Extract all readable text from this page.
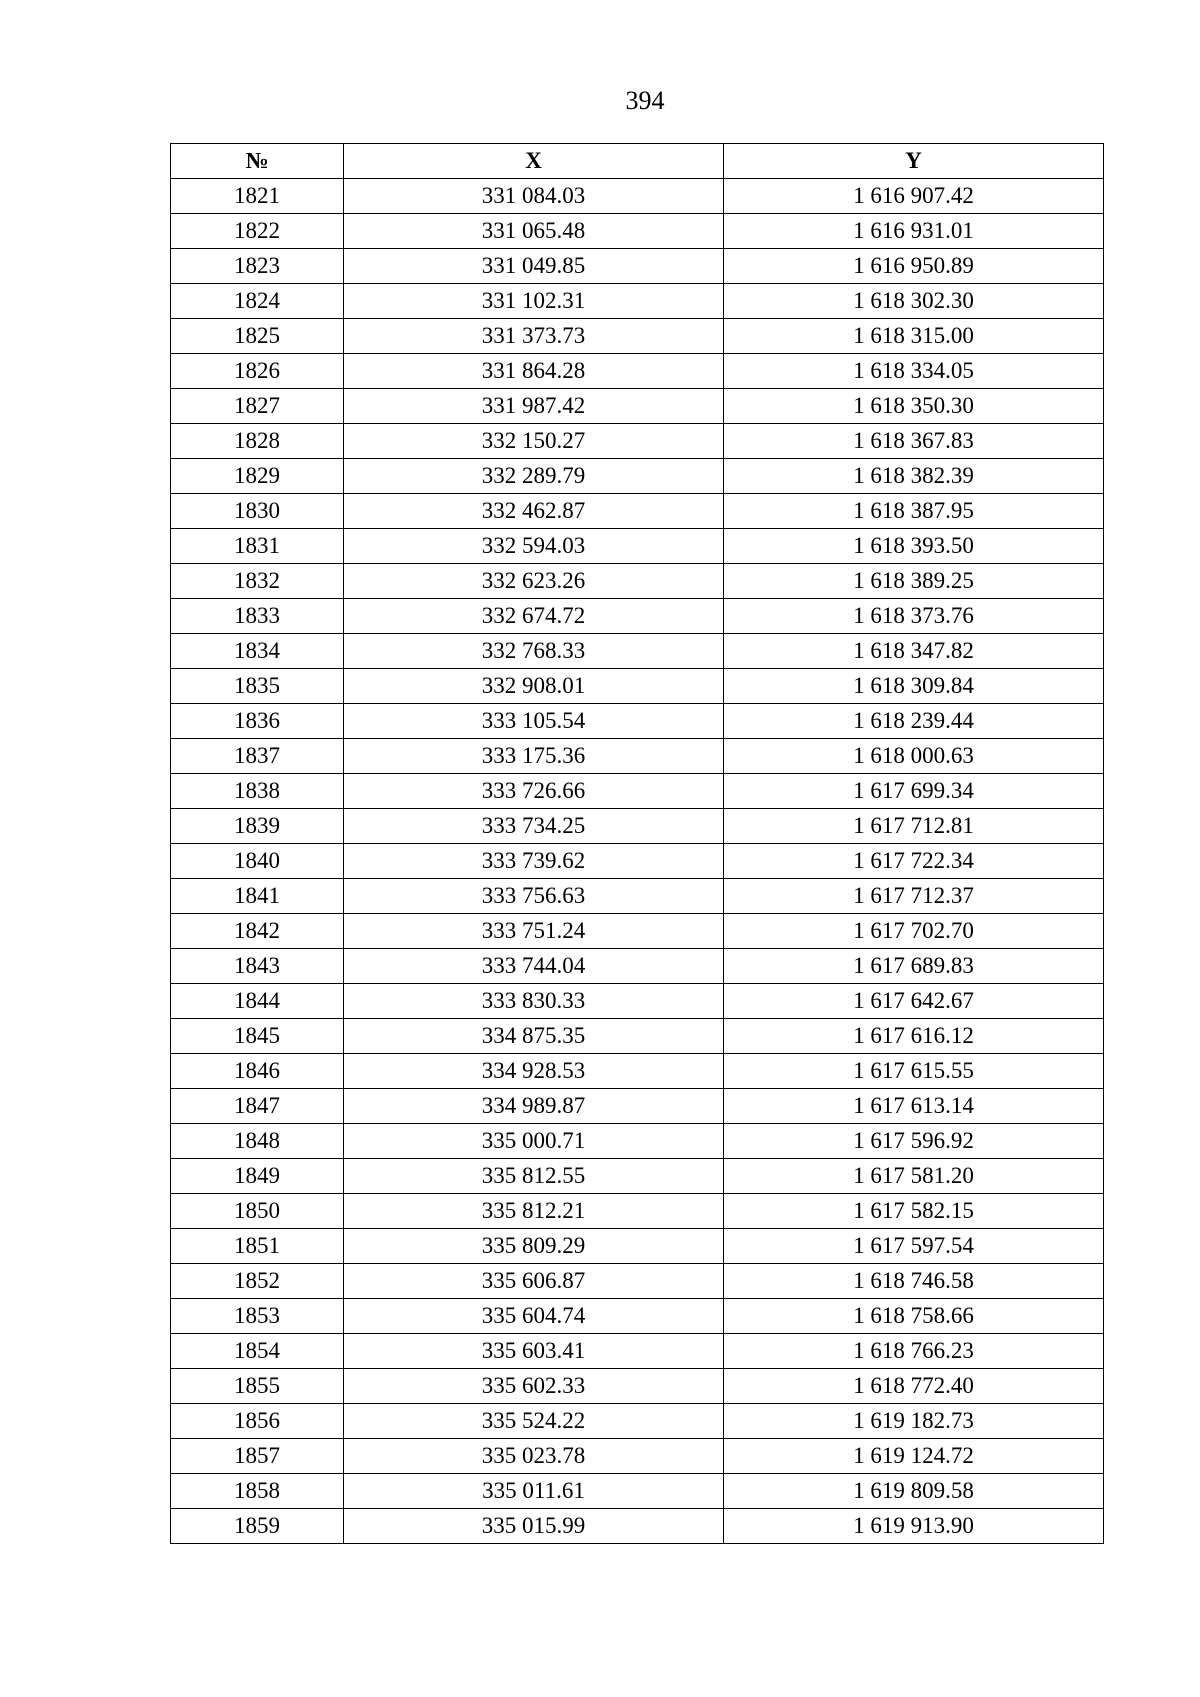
394
№	X	Y
1821	331 084.03	1 616 907.42
1822	331 065.48	1 616 931.01
1823	331 049.85	1 616 950.89
1824	331 102.31	1 618 302.30
1825	331 373.73	1 618 315.00
1826	331 864.28	1 618 334.05
1827	331 987.42	1 618 350.30
1828	332 150.27	1 618 367.83
1829	332 289.79	1 618 382.39
1830	332 462.87	1 618 387.95
1831	332 594.03	1 618 393.50
1832	332 623.26	1 618 389.25
1833	332 674.72	1 618 373.76
1834	332 768.33	1 618 347.82
1835	332 908.01	1 618 309.84
1836	333 105.54	1 618 239.44
1837	333 175.36	1 618 000.63
1838	333 726.66	1 617 699.34
1839	333 734.25	1 617 712.81
1840	333 739.62	1 617 722.34
1841	333 756.63	1 617 712.37
1842	333 751.24	1 617 702.70
1843	333 744.04	1 617 689.83
1844	333 830.33	1 617 642.67
1845	334 875.35	1 617 616.12
1846	334 928.53	1 617 615.55
1847	334 989.87	1 617 613.14
1848	335 000.71	1 617 596.92
1849	335 812.55	1 617 581.20
1850	335 812.21	1 617 582.15
1851	335 809.29	1 617 597.54
1852	335 606.87	1 618 746.58
1853	335 604.74	1 618 758.66
1854	335 603.41	1 618 766.23
1855	335 602.33	1 618 772.40
1856	335 524.22	1 619 182.73
1857	335 023.78	1 619 124.72
1858	335 011.61	1 619 809.58
1859	335 015.99	1 619 913.90
